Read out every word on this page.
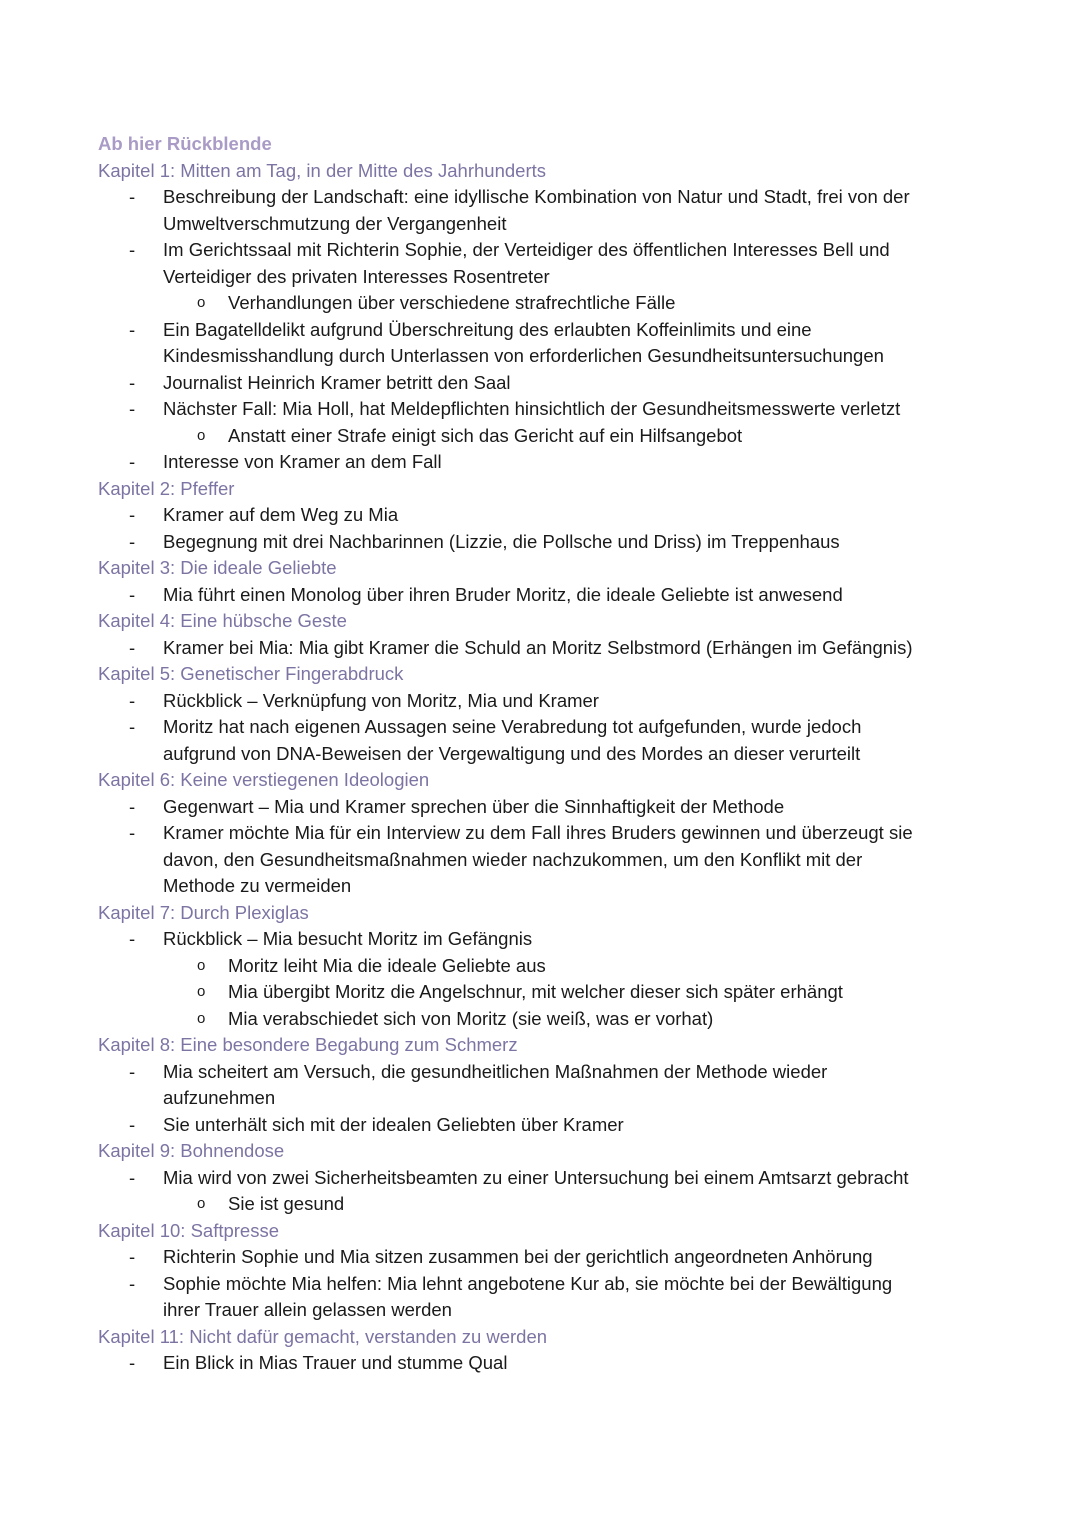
Ab hier Rückblende
Kapitel 1: Mitten am Tag, in der Mitte des Jahrhunderts
- Beschreibung der Landschaft: eine idyllische Kombination von Natur und Stadt, frei von der
Umweltverschmutzung der Vergangenheit
- Im Gerichtssaal mit Richterin Sophie, der Verteidiger des öffentlichen Interesses Bell und
Verteidiger des privaten Interesses Rosentreter
o Verhandlungen über verschiedene strafrechtliche Fälle
- Ein Bagatelldelikt aufgrund Überschreitung des erlaubten Koffeinlimits und eine
Kindesmisshandlung durch Unterlassen von erforderlichen Gesundheitsuntersuchungen
- Journalist Heinrich Kramer betritt den Saal
- Nächster Fall: Mia Holl, hat Meldepflichten hinsichtlich der Gesundheitsmesswerte verletzt
o Anstatt einer Strafe einigt sich das Gericht auf ein Hilfsangebot
- Interesse von Kramer an dem Fall
Kapitel 2: Pfeffer
- Kramer auf dem Weg zu Mia
- Begegnung mit drei Nachbarinnen (Lizzie, die Pollsche und Driss) im Treppenhaus
Kapitel 3: Die ideale Geliebte
- Mia führt einen Monolog über ihren Bruder Moritz, die ideale Geliebte ist anwesend
Kapitel 4: Eine hübsche Geste
- Kramer bei Mia: Mia gibt Kramer die Schuld an Moritz Selbstmord (Erhängen im Gefängnis)
Kapitel 5: Genetischer Fingerabdruck
- Rückblick – Verknüpfung von Moritz, Mia und Kramer
- Moritz hat nach eigenen Aussagen seine Verabredung tot aufgefunden, wurde jedoch
aufgrund von DNA-Beweisen der Vergewaltigung und des Mordes an dieser verurteilt
Kapitel 6: Keine verstiegenen Ideologien
- Gegenwart – Mia und Kramer sprechen über die Sinnhaftigkeit der Methode
- Kramer möchte Mia für ein Interview zu dem Fall ihres Bruders gewinnen und überzeugt sie
davon, den Gesundheitsmaßnahmen wieder nachzukommen, um den Konflikt mit der
Methode zu vermeiden
Kapitel 7: Durch Plexiglas
- Rückblick – Mia besucht Moritz im Gefängnis
o Moritz leiht Mia die ideale Geliebte aus
o Mia übergibt Moritz die Angelschnur, mit welcher dieser sich später erhängt
o Mia verabschiedet sich von Moritz (sie weiß, was er vorhat)
Kapitel 8: Eine besondere Begabung zum Schmerz
- Mia scheitert am Versuch, die gesundheitlichen Maßnahmen der Methode wieder
aufzunehmen
- Sie unterhält sich mit der idealen Geliebten über Kramer
Kapitel 9: Bohnendose
- Mia wird von zwei Sicherheitsbeamten zu einer Untersuchung bei einem Amtsarzt gebracht
o Sie ist gesund
Kapitel 10: Saftpresse
- Richterin Sophie und Mia sitzen zusammen bei der gerichtlich angeordneten Anhörung
- Sophie möchte Mia helfen: Mia lehnt angebotene Kur ab, sie möchte bei der Bewältigung
ihrer Trauer allein gelassen werden
Kapitel 11: Nicht dafür gemacht, verstanden zu werden
- Ein Blick in Mias Trauer und stumme Qual
